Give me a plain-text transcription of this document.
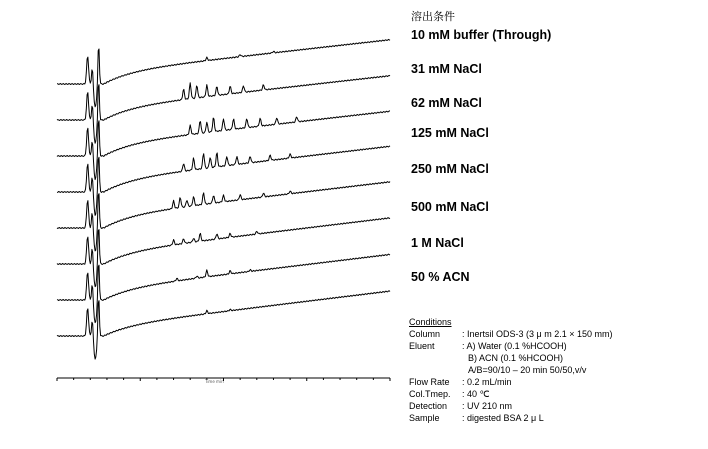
Time min
溶出条件
10 mM buffer (Through)
31 mM NaCl
62 mM NaCl
125 mM NaCl
250 mM NaCl
500 mM NaCl
1 M NaCl
50 % ACN
Conditions
Column	: Inertsil ODS-3 (3 μ m 2.1 × 150 mm)
Eluent	: A) Water (0.1 %HCOOH)
B) ACN (0.1 %HCOOH)
A/B=90/10 – 20 min 50/50,v/v
Flow Rate	: 0.2 mL/min
Col.Tmep.	: 40 ℃
Detection	: UV 210 nm
Sample	: digested BSA 2 μ L
